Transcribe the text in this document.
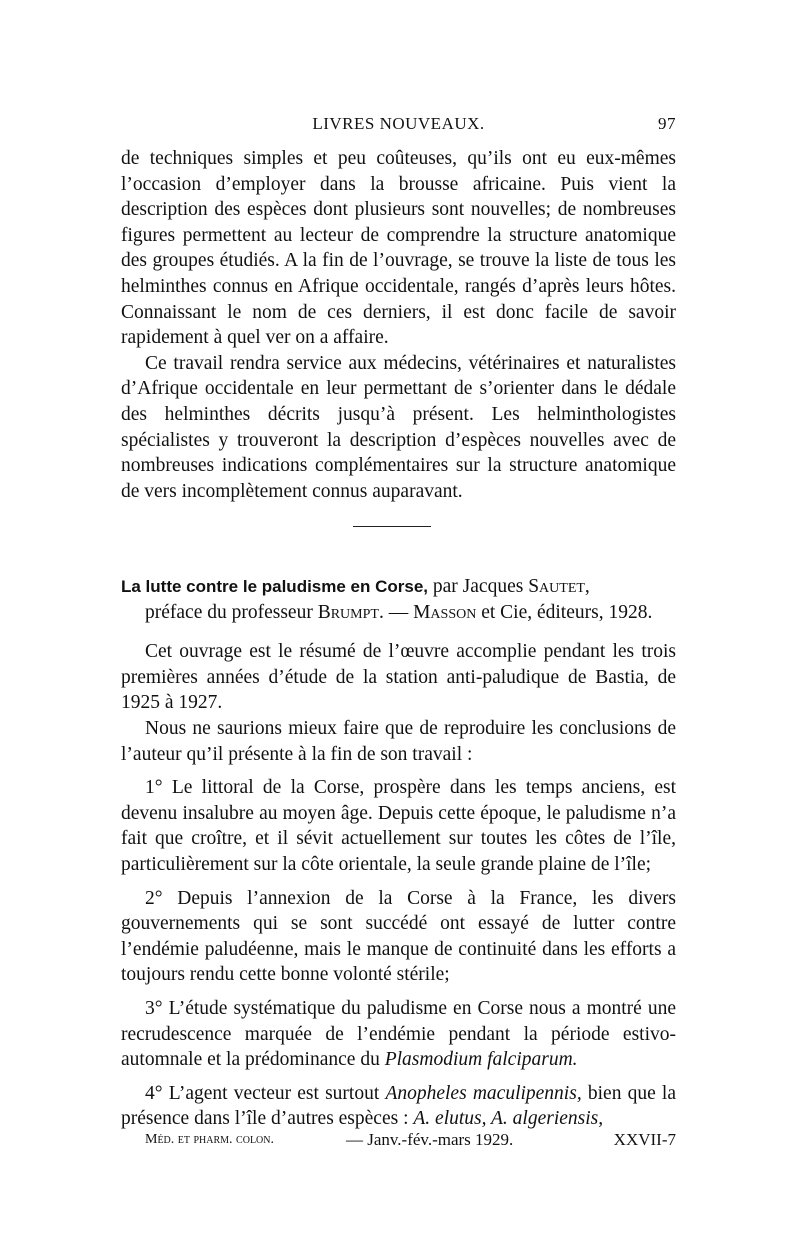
LIVRES NOUVEAUX.	97

de techniques simples et peu coûteuses, qu’ils ont eu eux-mêmes l’occasion d’employer dans la brousse africaine. Puis vient la description des espèces dont plusieurs sont nouvelles; de nombreuses figures permettent au lecteur de comprendre la structure anatomique des groupes étudiés. A la fin de l’ouvrage, se trouve la liste de tous les helminthes connus en Afrique occidentale, rangés d’après leurs hôtes. Connaissant le nom de ces derniers, il est donc facile de savoir rapidement à quel ver on a affaire.

Ce travail rendra service aux médecins, vétérinaires et naturalistes d’Afrique occidentale en leur permettant de s’orienter dans le dédale des helminthes décrits jusqu’à présent. Les helminthologistes spécialistes y trouveront la description d’espèces nouvelles avec de nombreuses indications complémentaires sur la structure anatomique de vers incomplètement connus auparavant.

La lutte contre le paludisme en Corse, par Jacques Sautet,

préface du professeur Brumpt. — Masson et Cie, éditeurs, 1928.

Cet ouvrage est le résumé de l’œuvre accomplie pendant les trois premières années d’étude de la station anti-paludique de Bastia, de 1925 à 1927.

Nous ne saurions mieux faire que de reproduire les conclusions de l’auteur qu’il présente à la fin de son travail :

1° Le littoral de la Corse, prospère dans les temps anciens, est devenu insalubre au moyen âge. Depuis cette époque, le paludisme n’a fait que croître, et il sévit actuellement sur toutes les côtes de l’île, particulièrement sur la côte orientale, la seule grande plaine de l’île;

2° Depuis l’annexion de la Corse à la France, les divers gouvernements qui se sont succédé ont essayé de lutter contre l’endémie paludéenne, mais le manque de continuité dans les efforts a toujours rendu cette bonne volonté stérile;

3° L’étude systématique du paludisme en Corse nous a montré une recrudescence marquée de l’endémie pendant la période estivo-automnale et la prédominance du Plasmodium falciparum.

4° L’agent vecteur est surtout Anopheles maculipennis, bien que la présence dans l’île d’autres espèces : A. elutus, A. algeriensis,

Méd. et pharm. colon.	— Janv.-fév.-mars 1929.	XXVII-7
